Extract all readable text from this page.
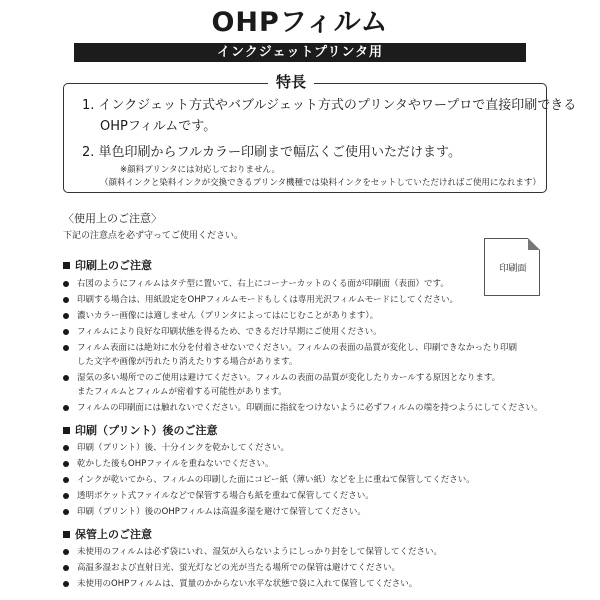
OHPフィルム
インクジェットプリンタ用
特長
1. インクジェット方式やバブルジェット方式のプリンタやワープロで直接印刷できる
OHPフィルムです。
2. 単色印刷からフルカラー印刷まで幅広くご使用いただけます。
※顔料プリンタには対応しておりません。
（顔料インクと染料インクが交換できるプリンタ機種では染料インクをセットしていただければご使用になれます）
〈使用上のご注意〉
下記の注意点を必ず守ってご使用ください。
印刷面
印刷上のご注意
右図のようにフィルムはタテ型に置いて、右上にコーナーカットのくる面が印刷面（表面）です。
印刷する場合は、用紙設定をOHPフィルムモードもしくは専用光沢フィルムモードにしてください。
濃いカラー画像には適しません（プリンタによってはにじむことがあります）。
フィルムにより良好な印刷状態を得るため、できるだけ早期にご使用ください。
フィルム表面には絶対に水分を付着させないでください。フィルムの表面の品質が変化し、印刷できなかったり印刷
した文字や画像が汚れたり消えたりする場合があります。
湿気の多い場所でのご使用は避けてください。フィルムの表面の品質が変化したりカールする原因となります。
またフィルムとフィルムが密着する可能性があります。
フィルムの印刷面には触れないでください。印刷面に指紋をつけないように必ずフィルムの端を持つようにしてください。
印刷（プリント）後のご注意
印刷（プリント）後、十分インクを乾かしてください。
乾かした後もOHPファイルを重ねないでください。
インクが乾いてから、フィルムの印刷した面にコピー紙（薄い紙）などを上に重ねて保管してください。
透明ポケット式ファイルなどで保管する場合も紙を重ねて保管してください。
印刷（プリント）後のOHPフィルムは高温多湿を避けて保管してください。
保管上のご注意
未使用のフィルムは必ず袋にいれ、湿気が入らないようにしっかり封をして保管してください。
高温多湿および直射日光、蛍光灯などの光が当たる場所での保管は避けてください。
未使用のOHPフィルムは、質量のかからない水平な状態で袋に入れて保管してください。
